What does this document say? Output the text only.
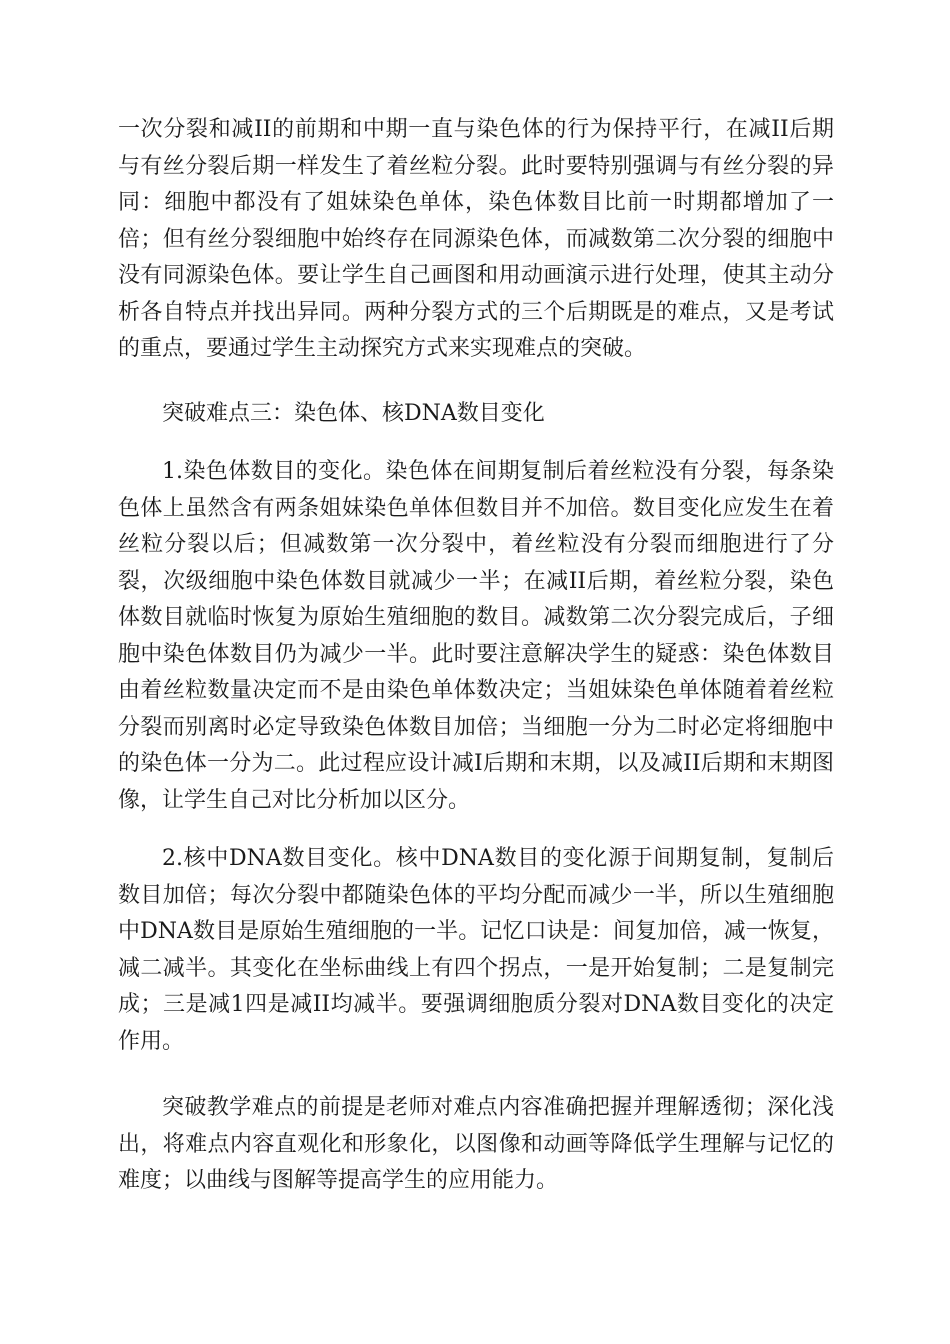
一次分裂和减II的前期和中期一直与染色体的行为保持平行，在减II后期与有丝分裂后期一样发生了着丝粒分裂。此时要特别强调与有丝分裂的异同：细胞中都没有了姐妹染色单体，染色体数目比前一时期都增加了一倍；但有丝分裂细胞中始终存在同源染色体，而减数第二次分裂的细胞中没有同源染色体。要让学生自己画图和用动画演示进行处理，使其主动分析各自特点并找出异同。两种分裂方式的三个后期既是的难点，又是考试的重点，要通过学生主动探究方式来实现难点的突破。

突破难点三：染色体、核DNA数目变化

1.染色体数目的变化。染色体在间期复制后着丝粒没有分裂，每条染色体上虽然含有两条姐妹染色单体但数目并不加倍。数目变化应发生在着丝粒分裂以后；但减数第一次分裂中，着丝粒没有分裂而细胞进行了分裂，次级细胞中染色体数目就减少一半；在减II后期，着丝粒分裂，染色体数目就临时恢复为原始生殖细胞的数目。减数第二次分裂完成后，子细胞中染色体数目仍为减少一半。此时要注意解决学生的疑惑：染色体数目由着丝粒数量决定而不是由染色单体数决定；当姐妹染色单体随着着丝粒分裂而别离时必定导致染色体数目加倍；当细胞一分为二时必定将细胞中的染色体一分为二。此过程应设计减I后期和末期，以及减II后期和末期图像，让学生自己对比分析加以区分。

2.核中DNA数目变化。核中DNA数目的变化源于间期复制，复制后数目加倍；每次分裂中都随染色体的平均分配而减少一半，所以生殖细胞中DNA数目是原始生殖细胞的一半。记忆口诀是：间复加倍，减一恢复，减二减半。其变化在坐标曲线上有四个拐点，一是开始复制；二是复制完成；三是减1四是减II均减半。要强调细胞质分裂对DNA数目变化的决定作用。

突破教学难点的前提是老师对难点内容准确把握并理解透彻；深化浅出，将难点内容直观化和形象化，以图像和动画等降低学生理解与记忆的难度；以曲线与图解等提高学生的应用能力。
